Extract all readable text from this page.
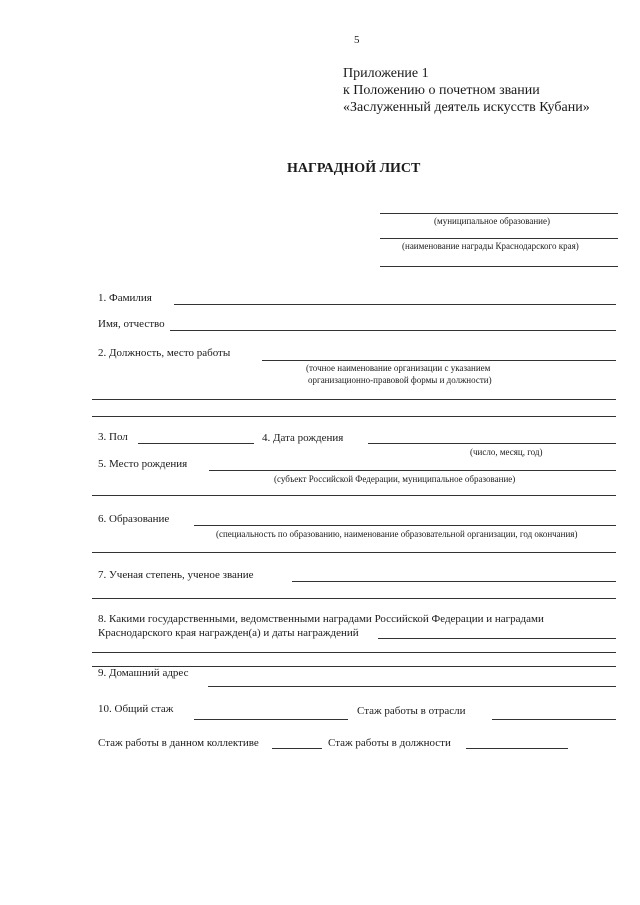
5
Приложение 1
к Положению о почетном звании
«Заслуженный деятель искусств Кубани»
НАГРАДНОЙ ЛИСТ
(муниципальное образование)
(наименование награды Краснодарского края)
1. Фамилия
Имя, отчество
2. Должность, место работы
(точное наименование организации с указанием
организационно-правовой формы и должности)
3. Пол	4. Дата рождения
(число, месяц, год)
5. Место рождения
(субъект Российской Федерации, муниципальное образование)
6. Образование
(специальность по образованию, наименование образовательной организации, год окончания)
7. Ученая степень, ученое звание
8. Какими государственными, ведомственными наградами Российской Федерации и наградами
Краснодарского края награжден(а) и даты награждений
9. Домашний адрес
10. Общий стаж	Стаж работы в отрасли
Стаж работы в данном коллективе	Стаж работы в должности
